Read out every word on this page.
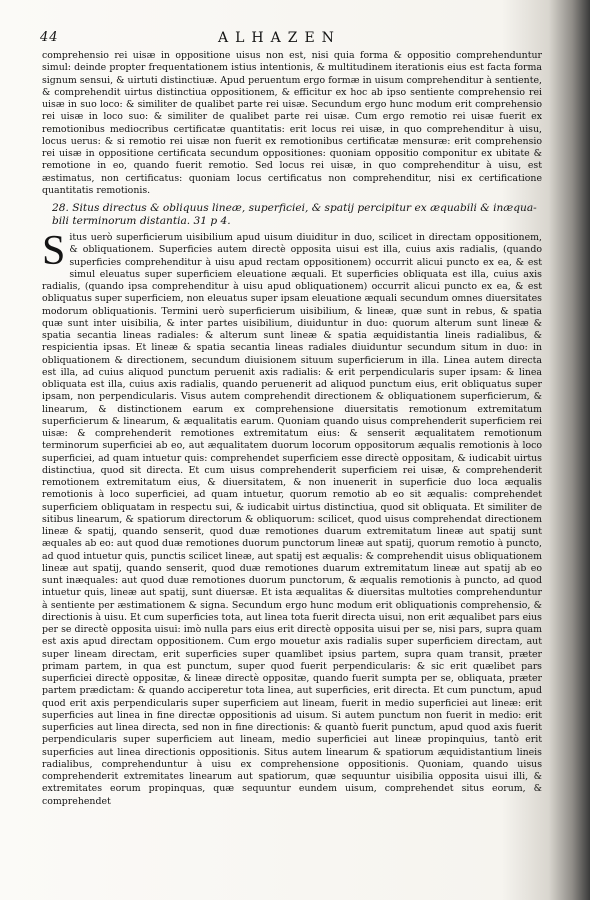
44	ALHAZEN

comprehensio rei uisæ in oppositione uisus non est, nisi quia forma & oppositio comprehenduntur simul: deinde propter frequentationem istius intentionis, & multitudinem iterationis eius est facta forma signum sensui, & uirtuti distinctiuæ. Apud peruentum ergo formæ in uisum comprehenditur à sentiente, & comprehendit uirtus distinctiua oppositionem, & efficitur ex hoc ab ipso sentiente comprehensio rei uisæ in suo loco: & similiter de qualibet parte rei uisæ. Secundum ergo hunc modum erit comprehensio rei uisæ in loco suo: & similiter de qualibet parte rei uisæ. Cum ergo remotio rei uisæ fuerit ex remotionibus mediocribus certificatæ quantitatis: erit locus rei uisæ, in quo comprehenditur à uisu, locus uerus: & si remotio rei uisæ non fuerit ex remotionibus certificatæ mensuræ: erit comprehensio rei uisæ in oppositione certificata secundum oppositiones: quoniam oppositio componitur ex ubitate & remotione in eo, quando fuerit remotio. Sed locus rei uisæ, in quo comprehenditur à uisu, est æstimatus, non certificatus: quoniam locus certificatus non comprehenditur, nisi ex certificatione quantitatis remotionis.

28. Situs directus & obliquus lineæ, superficiei, & spatij percipitur ex æquabili & inæqua-
bili terminorum distantia. 31 p 4.
S itus uerò superficierum uisibilium apud uisum diuiditur in duo, scilicet in directam oppositionem, & obliquationem. Superficies autem directè opposita uisui est illa, cuius axis radialis, (quando superficies comprehenditur à uisu apud rectam oppositionem) occurrit alicui puncto ex ea, & est simul eleuatus super superficiem eleuatione æquali. Et superficies obliquata est illa, cuius axis radialis, (quando ipsa comprehenditur à uisu apud obliquationem) occurrit alicui puncto ex ea, & est obliquatus super superficiem, non eleuatus super ipsam eleuatione æquali secundum omnes diuersitates modorum obliquationis. Termini uerò superficierum uisibilium, & lineæ, quæ sunt in rebus, & spatia quæ sunt inter uisibilia, & inter partes uisibilium, diuiduntur in duo: quorum alterum sunt lineæ & spatia secantia lineas radiales: & alterum sunt lineæ & spatia æquidistantia lineis radialibus, & respicientia ipsas. Et lineæ & spatia secantia lineas radiales diuiduntur secundum situm in duo: in obliquationem & directionem, secundum diuisionem situum superficierum in illa. Linea autem directa est illa, ad cuius aliquod punctum peruenit axis radialis: & erit perpendicularis super ipsam: & linea obliquata est illa, cuius axis radialis, quando peruenerit ad aliquod punctum eius, erit obliquatus super ipsam, non perpendicularis. Visus autem comprehendit directionem & obliquationem superficierum, & linearum, & distinctionem earum ex comprehensione diuersitatis remotionum extremitatum superficierum & linearum, & æqualitatis earum. Quoniam quando uisus comprehenderit superficiem rei uisæ: & comprehenderit remotiones extremitatum eius: & senserit æqualitatem remotionum terminorum superficiei ab eo, aut æqualitatem duorum locorum oppositorum æqualis remotionis à loco superficiei, ad quam intuetur quis: comprehendet superficiem esse directè oppositam, & iudicabit uirtus distinctiua, quod sit directa. Et cum uisus comprehenderit superficiem rei uisæ, & comprehenderit remotionem extremitatum eius, & diuersitatem, & non inuenerit in superficie duo loca æqualis remotionis à loco superficiei, ad quam intuetur, quorum remotio ab eo sit æqualis: comprehendet superficiem obliquatam in respectu sui, & iudicabit uirtus distinctiua, quod sit obliquata. Et similiter de sitibus linearum, & spatiorum directorum & obliquorum: scilicet, quod uisus comprehendat directionem lineæ & spatij, quando senserit, quod duæ remotiones duarum extremitatum lineæ aut spatij sunt æquales ab eo: aut quod duæ remotiones duorum punctorum lineæ aut spatij, quorum remotio à puncto, ad quod intuetur quis, punctis scilicet lineæ, aut spatij est æqualis: & comprehendit uisus obliquationem lineæ aut spatij, quando senserit, quod duæ remotiones duarum extremitatum lineæ aut spatij ab eo sunt inæquales: aut quod duæ remotiones duorum punctorum, & æqualis remotionis à puncto, ad quod intuetur quis, lineæ aut spatij, sunt diuersæ. Et ista æqualitas & diuersitas multoties comprehenduntur à sentiente per æstimationem & signa. Secundum ergo hunc modum erit obliquationis comprehensio, & directionis à uisu. Et cum superficies tota, aut linea tota fuerit directa uisui, non erit æqualibet pars eius per se directè opposita uisui: imò nulla pars eius erit directè opposita uisui per se, nisi pars, supra quam est axis apud directam oppositionem. Cum ergo mouetur axis radialis super superficiem directam, aut super lineam directam, erit superficies super quamlibet ipsius partem, supra quam transit, præter primam partem, in qua est punctum, super quod fuerit perpendicularis: & sic erit quælibet pars superficiei directè oppositæ, & lineæ directè oppositæ, quando fuerit sumpta per se, obliquata, præter partem prædictam: & quando acciperetur tota linea, aut superficies, erit directa. Et cum punctum, apud quod erit axis perpendicularis super superficiem aut lineam, fuerit in medio superficiei aut lineæ: erit superficies aut linea in fine directæ oppositionis ad uisum. Si autem punctum non fuerit in medio: erit superficies aut linea directa, sed non in fine directionis: & quantò fuerit punctum, apud quod axis fuerit perpendicularis super superficiem aut lineam, medio superficiei aut lineæ propinquius, tantò erit superficies aut linea directionis oppositionis. Situs autem linearum & spatiorum æquidistantium lineis radialibus, comprehenduntur à uisu ex comprehensione oppositionis. Quoniam, quando uisus comprehenderit extremitates linearum aut spatiorum, quæ sequuntur uisibilia opposita uisui illi, & extremitates eorum propinquas, quæ sequuntur eundem uisum, comprehendet situs eorum, & comprehendet
